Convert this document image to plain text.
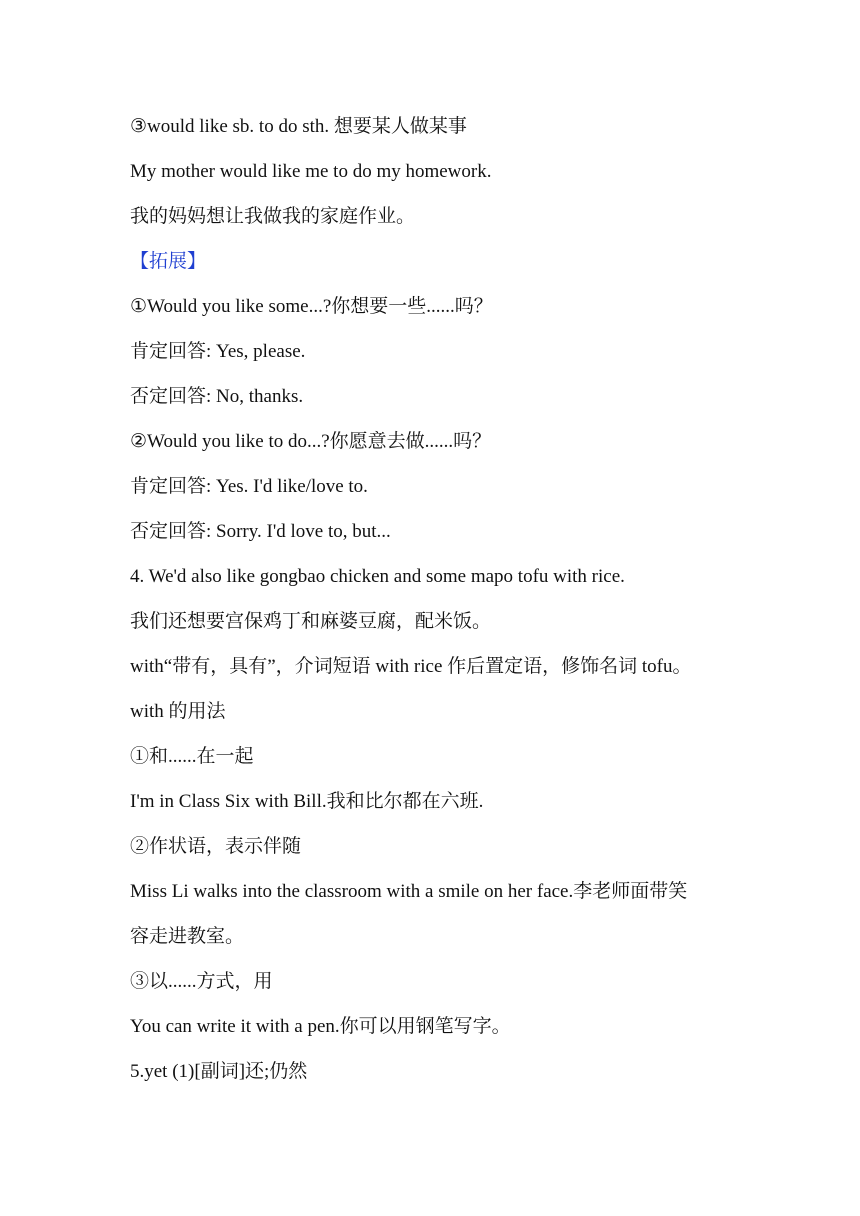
③would like sb. to do sth. 想要某人做某事
My mother would like me to do my homework.
我的妈妈想让我做我的家庭作业。
【拓展】
①Would you like some...?你想要一些......吗？
肯定回答: Yes, please.
否定回答: No, thanks.
②Would you like to do...?你愿意去做......吗？
肯定回答: Yes. I'd like/love to.
否定回答: Sorry. I'd love to, but...
4. We'd also like gongbao chicken and some mapo tofu with rice.
我们还想要宫保鸡丁和麻婆豆腐，配米饭。
with“带有，具有”，介词短语 with rice 作后置定语，修饰名词 tofu。
with 的用法
①和......在一起
I'm in Class Six with Bill.我和比尔都在六班.
②作状语，表示伴随
Miss Li walks into the classroom with a smile on her face.李老师面带笑
容走进教室。
③以......方式，用
You can write it with a pen.你可以用钢笔写字。
5.yet (1)[副词]还;仍然
